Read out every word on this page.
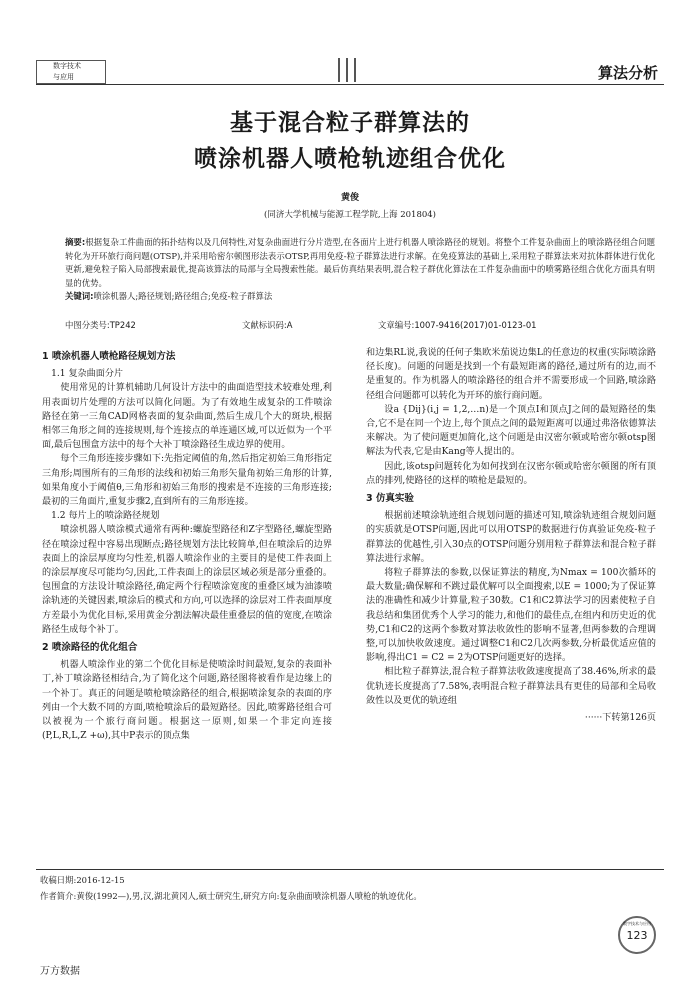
数字技术
与应用	算法分析
基于混合粒子群算法的
喷涂机器人喷枪轨迹组合优化
黄俊
(同济大学机械与能源工程学院,上海 201804)
摘要:根据复杂工件曲面的拓扑结构以及几何特性,对复杂曲面进行分片造型,在各面片上进行机器人喷涂路径的规划。将整个工件复杂曲面上的喷涂路径组合问题转化为开环旅行商问题(OTSP),并采用哈密尔顿图形法表示OTSP,再用免疫-粒子群算法进行求解。在免疫算法的基础上,采用粒子群算法来对抗体群体进行优化更新,避免粒子陷入局部搜索最优,提高该算法的局部与全局搜索性能。最后仿真结果表明,混合粒子群优化算法在工件复杂曲面中的喷雾路径组合优化方面具有明显的优势。
关键词:喷涂机器人;路径规划;路径组合;免疫-粒子群算法
中图分类号:TP242	文献标识码:A	文章编号:1007-9416(2017)01-0123-01
1 喷涂机器人喷枪路径规划方法

1.1 复杂曲面分片

使用常见的计算机辅助几何设计方法中的曲面造型技术较难处理,利用表面切片处理的方法可以简化问题。为了有效地生成复杂的工件喷涂路径在第一三角CAD网格表面的复杂曲面,然后生成几个大的斑块,根据相邻三角形之间的连接规则,每个连接点的单连通区域,可以近似为一个平面,最后包围盒方法中的每个大补丁喷涂路径生成边界的使用。

每个三角形连接步骤如下:先指定阈值的角,然后指定初始三角形指定三角形;周围所有的三角形的法线和初始三角形矢量角初始三角形的计算,如果角度小于阈值θ,三角形和初始三角形的搜索是不连接的三角形连接;最初的三角面片,重复步骤2,直到所有的三角形连接。

1.2 每片上的喷涂路径规划

喷涂机器人喷涂模式通常有两种:螺旋型路径和Z字型路径,螺旋型路径在喷涂过程中容易出现断点;路径规划方法比较简单,但在喷涂后的边界表面上的涂层厚度均匀性差,机器人喷涂作业的主要目的是使工件表面上的涂层厚度尽可能均匀,因此,工件表面上的涂层区域必须是部分重叠的。包围盒的方法设计喷涂路径,确定两个行程喷涂宽度的重叠区域为油漆喷涂轨迹的关键因素,喷涂后的模式和方向,可以选择的涂层对工件表面厚度方差最小为优化目标,采用黄金分割法解决最佳重叠层的值的宽度,在喷涂路径生成每个补丁。

2 喷涂路径的优化组合

机器人喷涂作业的第二个优化目标是使喷涂时间最短,复杂的表面补丁,补丁喷涂路径相结合,为了简化这个问题,路径图将被看作是边缘上的一个补丁。真正的问题是喷枪喷涂路径的组合,根据喷涂复杂的表面的序列由一个大数不同的方面,喷枪喷涂后的最短路径。因此,喷雾路径组合可以被视为一个旅行商问题。根据这一原则,如果一个非定向连接(P,L,R,L,Z +ω),其中P表示的顶点集

和边集RL说,我说的任何子集欧米茄说边集L的任意边的权重(实际喷涂路径长度)。问题的问题是找到一个有最短距离的路径,通过所有的边,而不是重复的。作为机器人的喷涂路径的组合并不需要形成一个回路,喷涂路径组合问题都可以转化为开环的旅行商问题。

设a {Dij}(i,j = 1,2,…n)是一个顶点I和顶点J之间的最短路径的集合,它不是在同一个边上,每个顶点之间的最短距离可以通过弗洛依德算法来解决。为了使问题更加简化,这个问题是由汉密尔顿或哈密尔顿otsp图解法为代表,它是由Kang等人提出的。

因此,该otsp问题转化为如何找到在汉密尔顿或哈密尔顿图的所有顶点的排列,使路径的这样的喷枪是最短的。

3 仿真实验

根据前述喷涂轨迹组合规划问题的描述可知,喷涂轨迹组合规划问题的实质就是OTSP问题,因此可以用OTSP的数据进行仿真验证免疫-粒子群算法的优越性,引入30点的OTSP问题分别用粒子群算法和混合粒子群算法进行求解。

将粒子群算法的参数,以保证算法的精度,为Nmax = 100次循环的最大数量;确保解和不跳过最优解可以全面搜索,以E = 1000;为了保证算法的准确性和减少计算量,粒子30数。C1和C2算法学习的因素使粒子自我总结和集团优秀个人学习的能力,和他们的最佳点,在组内和历史近的优势,C1和C2的这两个参数对算法收敛性的影响不显著,但两参数的合理调整,可以加快收敛速度。通过调整C1和C2几次两参数,分析最优适应值的影响,得出C1 = C2 = 2为OTSP问题更好的选择。

相比粒子群算法,混合粒子群算法收敛速度提高了38.46%,所求的最优轨迹长度提高了7.58%,表明混合粒子群算法具有更佳的局部和全局收敛性以及更优的轨迹组

······下转第126页
收稿日期:2016-12-15
作者简介:黄俊(1992—),男,汉,湖北黄冈人,硕士研究生,研究方向:复杂曲面喷涂机器人喷枪的轨迹优化。
数字技术与应用
123
万方数据
